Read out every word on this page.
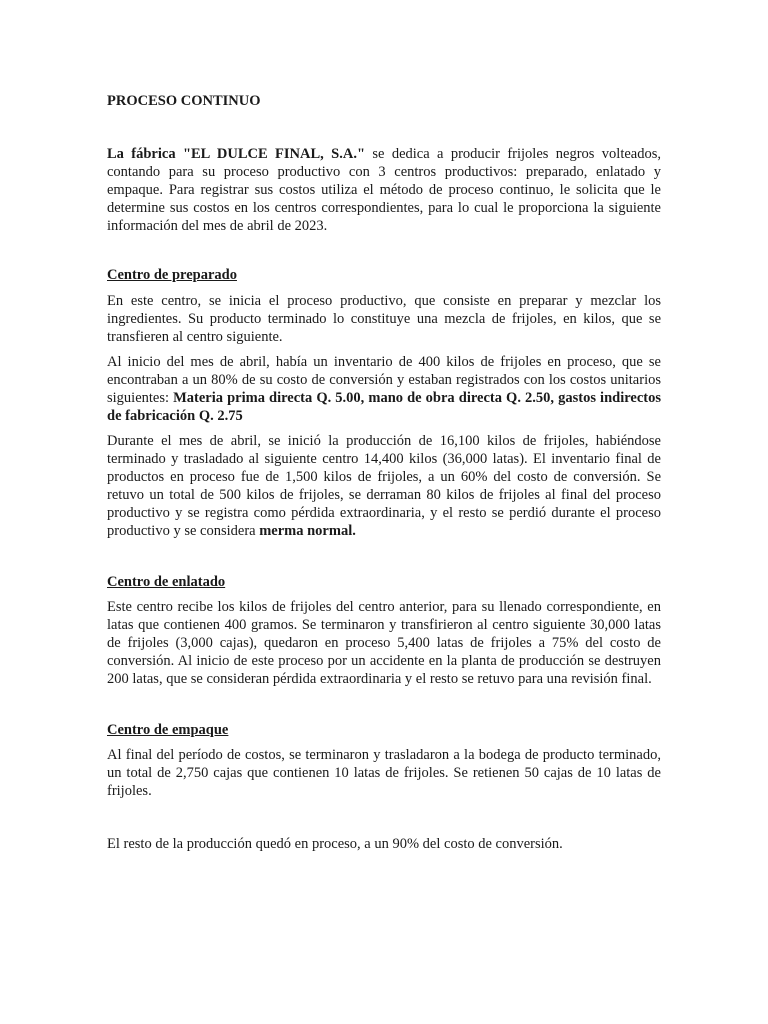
PROCESO CONTINUO

La fábrica "EL DULCE FINAL, S.A." se dedica a producir frijoles negros volteados, contando para su proceso productivo con 3 centros productivos: preparado, enlatado y empaque. Para registrar sus costos utiliza el método de proceso continuo, le solicita que le determine sus costos en los centros correspondientes, para lo cual le proporciona la siguiente información del mes de abril de 2023.

Centro de preparado

En este centro, se inicia el proceso productivo, que consiste en preparar y mezclar los ingredientes. Su producto terminado lo constituye una mezcla de frijoles, en kilos, que se transfieren al centro siguiente.

Al inicio del mes de abril, había un inventario de 400 kilos de frijoles en proceso, que se encontraban a un 80% de su costo de conversión y estaban registrados con los costos unitarios siguientes: Materia prima directa Q. 5.00, mano de obra directa Q. 2.50, gastos indirectos de fabricación Q. 2.75

Durante el mes de abril, se inició la producción de 16,100 kilos de frijoles, habiéndose terminado y trasladado al siguiente centro 14,400 kilos (36,000 latas). El inventario final de productos en proceso fue de 1,500 kilos de frijoles, a un 60% del costo de conversión. Se retuvo un total de 500 kilos de frijoles, se derraman 80 kilos de frijoles al final del proceso productivo y se registra como pérdida extraordinaria, y el resto se perdió durante el proceso productivo y se considera merma normal.

Centro de enlatado

Este centro recibe los kilos de frijoles del centro anterior, para su llenado correspondiente, en latas que contienen 400 gramos. Se terminaron y transfirieron al centro siguiente 30,000 latas de frijoles (3,000 cajas), quedaron en proceso 5,400 latas de frijoles a 75% del costo de conversión. Al inicio de este proceso por un accidente en la planta de producción se destruyen 200 latas, que se consideran pérdida extraordinaria y el resto se retuvo para una revisión final.

Centro de empaque

Al final del período de costos, se terminaron y trasladaron a la bodega de producto terminado, un total de 2,750 cajas que contienen 10 latas de frijoles. Se retienen 50 cajas de 10 latas de frijoles.

El resto de la producción quedó en proceso, a un 90% del costo de conversión.
